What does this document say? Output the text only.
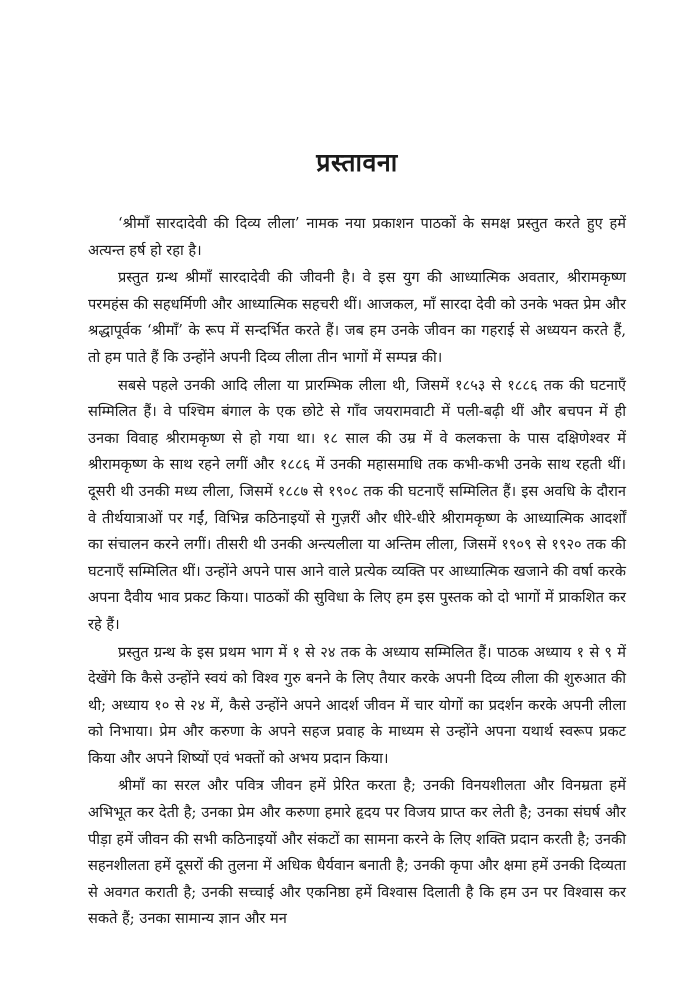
प्रस्तावना

‘श्रीमाँ सारदादेवी की दिव्य लीला’ नामक नया प्रकाशन पाठकों के समक्ष प्रस्तुत करते हुए हमें अत्यन्त हर्ष हो रहा है।

प्रस्तुत ग्रन्थ श्रीमाँ सारदादेवी की जीवनी है। वे इस युग की आध्यात्मिक अवतार, श्रीरामकृष्ण परमहंस की सहधर्मिणी और आध्यात्मिक सहचरी थीं। आजकल, माँ सारदा देवी को उनके भक्त प्रेम और श्रद्धापूर्वक ‘श्रीमाँ’ के रूप में सन्दर्भित करते हैं। जब हम उनके जीवन का गहराई से अध्ययन करते हैं, तो हम पाते हैं कि उन्होंने अपनी दिव्य लीला तीन भागों में सम्पन्न की।

सबसे पहले उनकी आदि लीला या प्रारम्भिक लीला थी, जिसमें १८५३ से १८८६ तक की घटनाएँ सम्मिलित हैं। वे पश्चिम बंगाल के एक छोटे से गाँव जयरामवाटी में पली-बढ़ी थीं और बचपन में ही उनका विवाह श्रीरामकृष्ण से हो गया था। १८ साल की उम्र में वे कलकत्ता के पास दक्षिणेश्वर में श्रीरामकृष्ण के साथ रहने लगीं और १८८६ में उनकी महासमाधि तक कभी-कभी उनके साथ रहती थीं। दूसरी थी उनकी मध्य लीला, जिसमें १८८७ से १९०८ तक की घटनाएँ सम्मिलित हैं। इस अवधि के दौरान वे तीर्थयात्राओं पर गईं, विभिन्न कठिनाइयों से गुज़रीं और धीरे-धीरे श्रीरामकृष्ण के आध्यात्मिक आदर्शों का संचालन करने लगीं। तीसरी थी उनकी अन्त्यलीला या अन्तिम लीला, जिसमें १९०९ से १९२० तक की घटनाएँ सम्मिलित थीं। उन्होंने अपने पास आने वाले प्रत्येक व्यक्ति पर आध्यात्मिक खजाने की वर्षा करके अपना दैवीय भाव प्रकट किया। पाठकों की सुविधा के लिए हम इस पुस्तक को दो भागों में प्राकशित कर रहे हैं।

प्रस्तुत ग्रन्थ के इस प्रथम भाग में १ से २४ तक के अध्याय सम्मिलित हैं। पाठक अध्याय १ से ९ में देखेंगे कि कैसे उन्होंने स्वयं को विश्व गुरु बनने के लिए तैयार करके अपनी दिव्य लीला की शुरुआत की थी; अध्याय १० से २४ में, कैसे उन्होंने अपने आदर्श जीवन में चार योगों का प्रदर्शन करके अपनी लीला को निभाया। प्रेम और करुणा के अपने सहज प्रवाह के माध्यम से उन्होंने अपना यथार्थ स्वरूप प्रकट किया और अपने शिष्यों एवं भक्तों को अभय प्रदान किया।

श्रीमाँ का सरल और पवित्र जीवन हमें प्रेरित करता है; उनकी विनयशीलता और विनम्रता हमें अभिभूत कर देती है; उनका प्रेम और करुणा हमारे हृदय पर विजय प्राप्त कर लेती है; उनका संघर्ष और पीड़ा हमें जीवन की सभी कठिनाइयों और संकटों का सामना करने के लिए शक्ति प्रदान करती है; उनकी सहनशीलता हमें दूसरों की तुलना में अधिक धैर्यवान बनाती है; उनकी कृपा और क्षमा हमें उनकी दिव्यता से अवगत कराती है; उनकी सच्चाई और एकनिष्ठा हमें विश्वास दिलाती है कि हम उन पर विश्वास कर सकते हैं; उनका सामान्य ज्ञान और मन
